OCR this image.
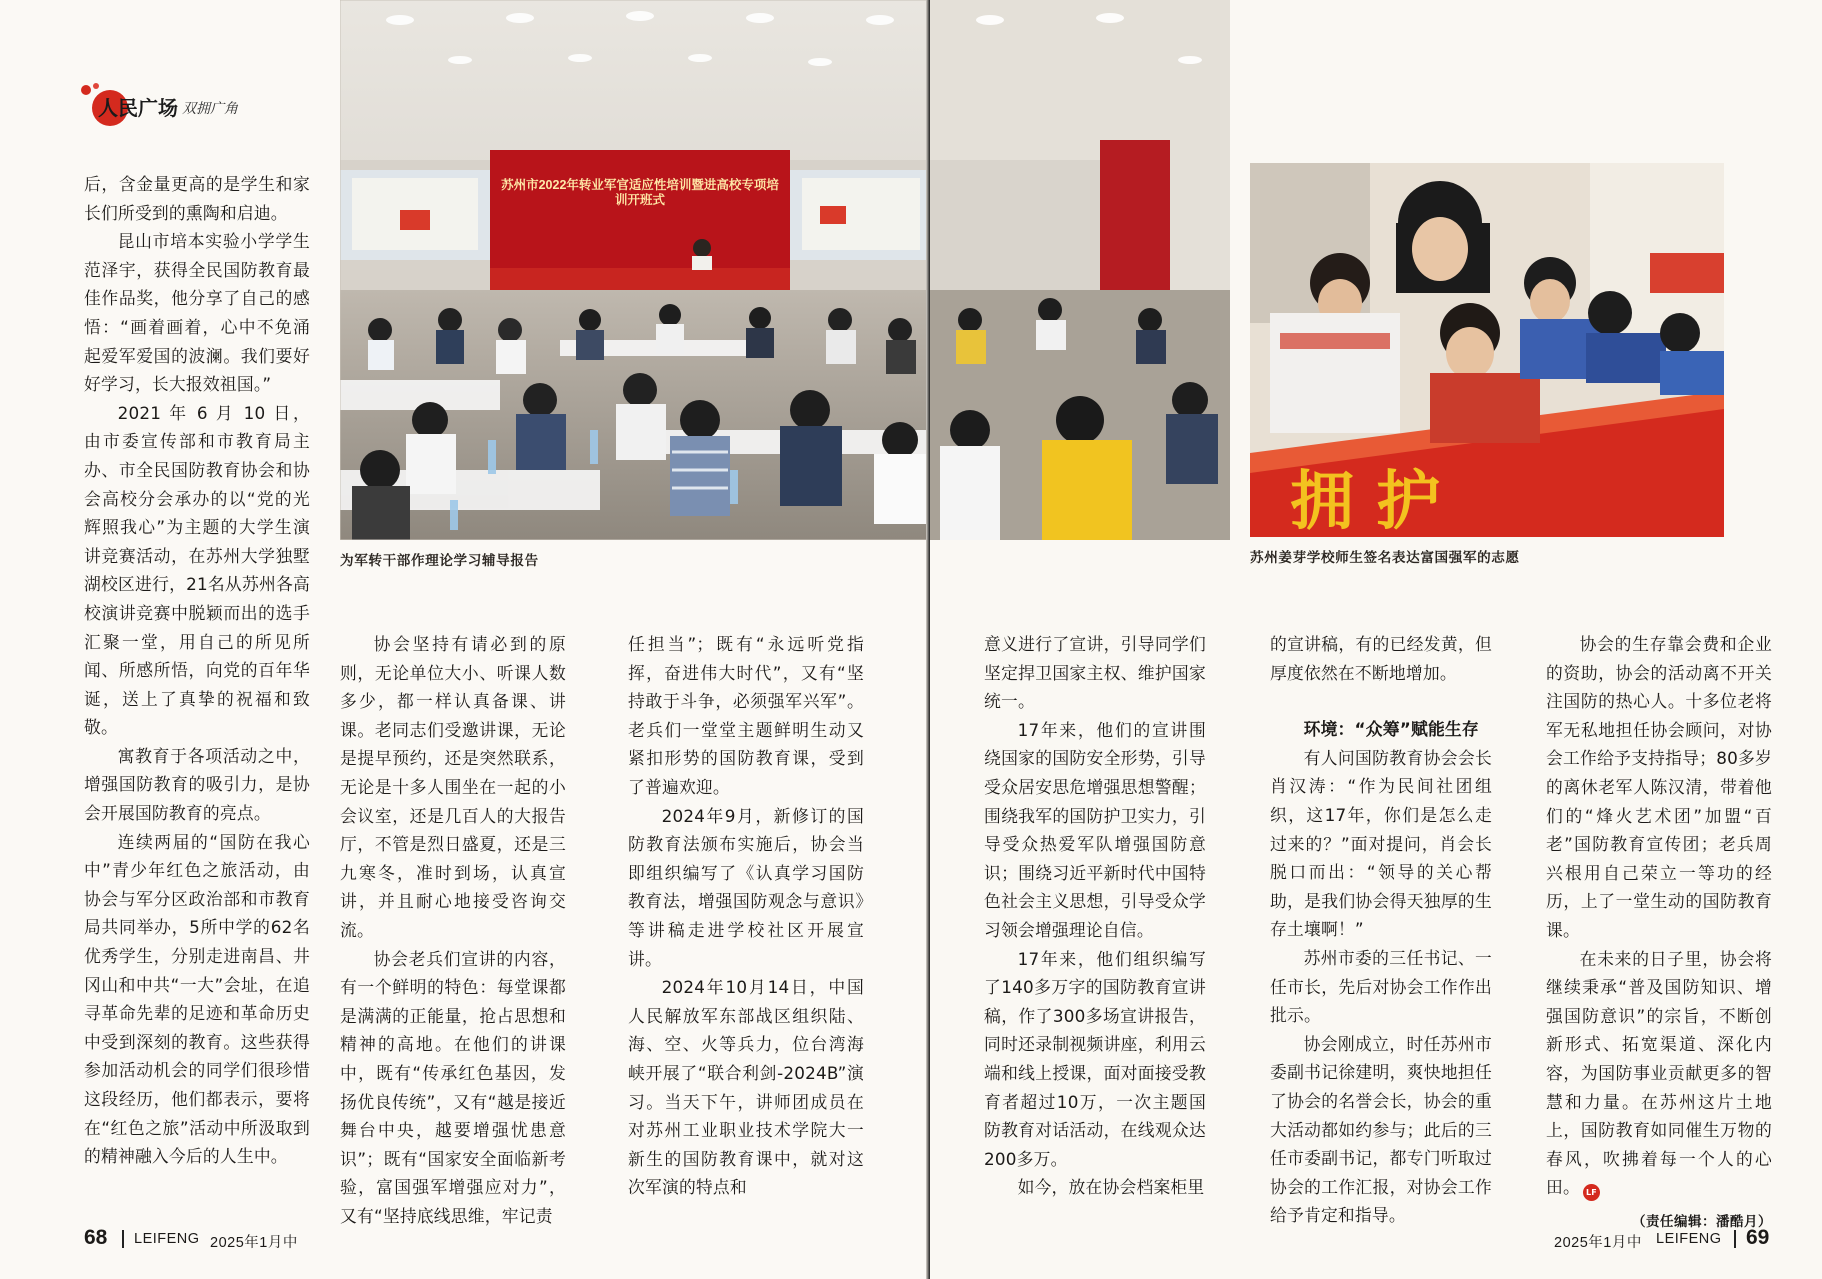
人民广场 双拥广角
苏州市2022年转业军官适应性培训暨进高校专项培训开班式
为军转干部作理论学习辅导报告

后，含金量更高的是学生和家长们所受到的熏陶和启迪。

昆山市培本实验小学学生范泽宇，获得全民国防教育最佳作品奖，他分享了自己的感悟：“画着画着，心中不免涌起爱军爱国的波澜。我们要好好学习，长大报效祖国。”

2021 年 6 月 10 日， 由市委宣传部和市教育局主办、市全民国防教育协会和协会高校分会承办的以“党的光辉照我心”为主题的大学生演讲竞赛活动，在苏州大学独墅湖校区进行，21名从苏州各高校演讲竞赛中脱颖而出的选手汇聚一堂，用自己的所见所闻、所感所悟，向党的百年华诞，送上了真挚的祝福和致敬。

寓教育于各项活动之中，增强国防教育的吸引力，是协会开展国防教育的亮点。

连续两届的“国防在我心中”青少年红色之旅活动，由协会与军分区政治部和市教育局共同举办，5所中学的62名优秀学生，分别走进南昌、井冈山和中共“一大”会址，在追寻革命先辈的足迹和革命历史中受到深刻的教育。这些获得参加活动机会的同学们很珍惜这段经历，他们都表示，要将在“红色之旅”活动中所汲取到的精神融入今后的人生中。

协会坚持有请必到的原则，无论单位大小、听课人数多少，都一样认真备课、讲课。老同志们受邀讲课，无论是提早预约，还是突然联系，无论是十多人围坐在一起的小会议室，还是几百人的大报告厅，不管是烈日盛夏，还是三九寒冬，准时到场，认真宣讲，并且耐心地接受咨询交流。

协会老兵们宣讲的内容，有一个鲜明的特色：每堂课都是满满的正能量，抢占思想和精神的高地。在他们的讲课中，既有“传承红色基因，发扬优良传统”，又有“越是接近舞台中央，越要增强忧患意识”；既有“国家安全面临新考验，富国强军增强应对力”，又有“坚持底线思维，牢记责

任担当”；既有“永远听党指挥，奋进伟大时代”，又有“坚持敢于斗争，必须强军兴军”。老兵们一堂堂主题鲜明生动又紧扣形势的国防教育课，受到了普遍欢迎。

2024年9月，新修订的国防教育法颁布实施后，协会当即组织编写了《认真学习国防教育法，增强国防观念与意识》等讲稿走进学校社区开展宣讲。

2024年10月14日，中国人民解放军东部战区组织陆、海、空、火等兵力，位台湾海峡开展了“联合利剑-2024B”演习。当天下午，讲师团成员在对苏州工业职业技术学院大一新生的国防教育课中，就对这次军演的特点和

68 LEIFENG 2025年1月中
拥 护
苏州姜芽学校师生签名表达富国强军的志愿

意义进行了宣讲，引导同学们坚定捍卫国家主权、维护国家统一。

17年来，他们的宣讲围绕国家的国防安全形势，引导受众居安思危增强思想警醒；围绕我军的国防护卫实力，引导受众热爱军队增强国防意识；围绕习近平新时代中国特色社会主义思想，引导受众学习领会增强理论自信。

17年来，他们组织编写了140多万字的国防教育宣讲稿，作了300多场宣讲报告，同时还录制视频讲座，利用云端和线上授课，面对面接受教育者超过10万，一次主题国防教育对话活动，在线观众达200多万。

如今，放在协会档案柜里

的宣讲稿，有的已经发黄，但厚度依然在不断地增加。

环境：“众筹”赋能生存

有人问国防教育协会会长肖汉涛：“作为民间社团组织，这17年，你们是怎么走过来的？”面对提问，肖会长脱口而出：“领导的关心帮助，是我们协会得天独厚的生存土壤啊！”

苏州市委的三任书记、一任市长，先后对协会工作作出批示。

协会刚成立，时任苏州市委副书记徐建明，爽快地担任了协会的名誉会长，协会的重大活动都如约参与；此后的三任市委副书记，都专门听取过协会的工作汇报，对协会工作给予肯定和指导。

协会的生存靠会费和企业的资助，协会的活动离不开关注国防的热心人。十多位老将军无私地担任协会顾问，对协会工作给予支持指导；80多岁的离休老军人陈汉清，带着他们的“烽火艺术团”加盟“百老”国防教育宣传团；老兵周兴根用自己荣立一等功的经历，上了一堂生动的国防教育课。

在未来的日子里，协会将继续秉承“普及国防知识、增强国防意识”的宗旨，不断创新形式、拓宽渠道、深化内容，为国防事业贡献更多的智慧和力量。在苏州这片土地上，国防教育如同催生万物的春风，吹拂着每一个人的心田。 LF

（责任编辑：潘酷月）
2025年1月中 LEIFENG 69
